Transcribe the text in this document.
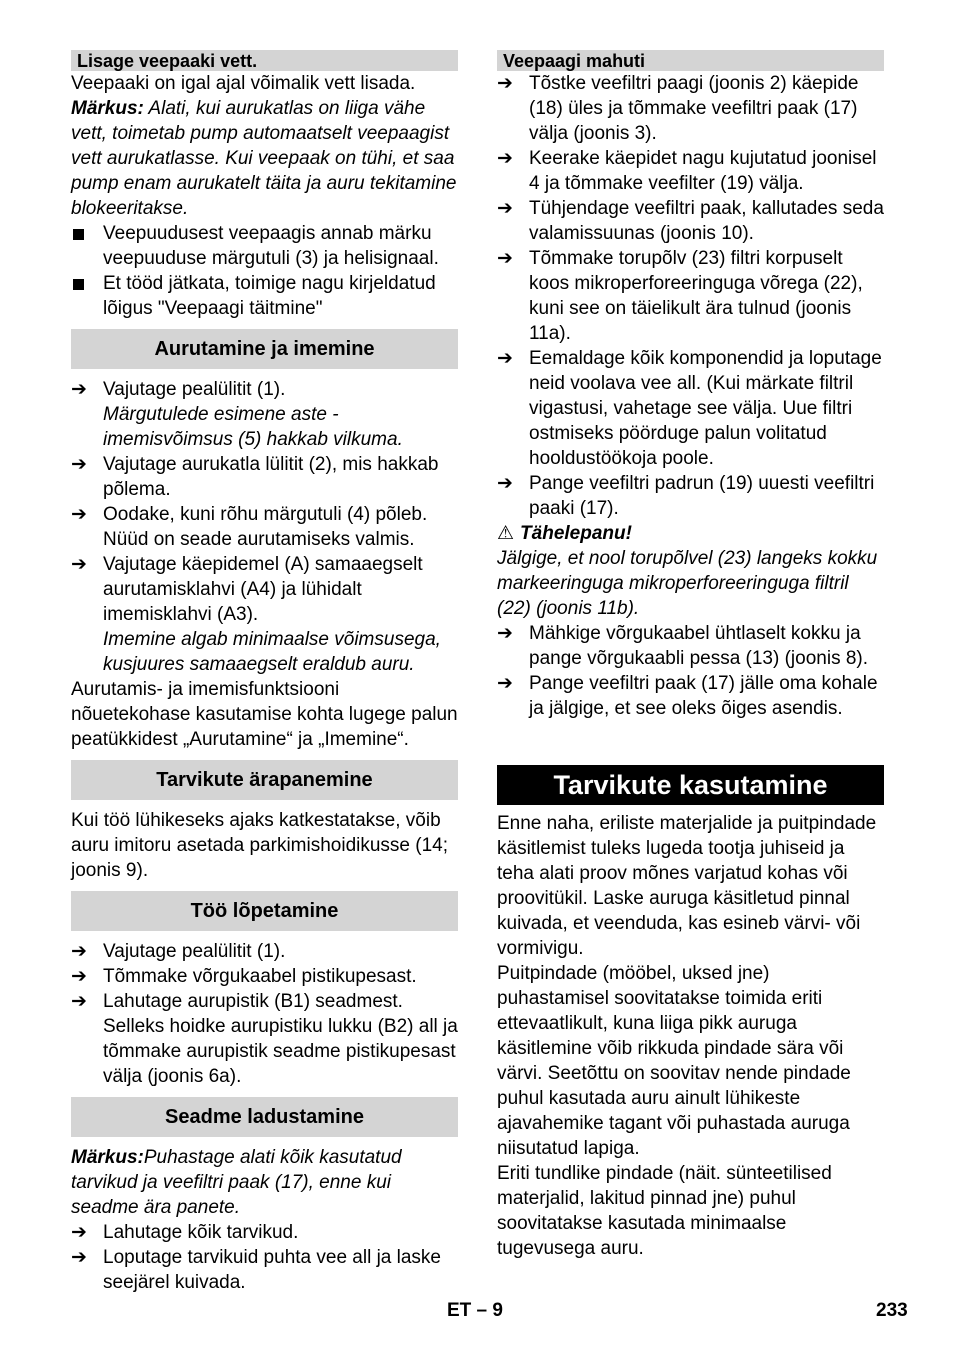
Lisage veepaaki vett.

Veepaaki on igal ajal võimalik vett lisada.

Märkus: Alati, kui aurukatlas on liiga vähe vett, toimetab pump automaatselt veepaagist vett aurukatlasse. Kui veepaak on tühi, et saa pump enam aurukatelt täita ja auru tekitamine blokeeritakse.

Veepuudusest veepaagis annab märku veepuuduse märgutuli (3) ja helisignaal.
Et tööd jätkata, toimige nagu kirjeldatud lõigus "Veepaagi täitmine"
Aurutamine ja imemine
➔ Vajutage pealülitit (1).

Märgutulede esimene aste - imemisvõimsus (5) hakkab vilkuma.

➔ Vajutage aurukatla lülitit (2), mis hakkab põlema.
➔ Oodake, kuni rõhu märgutuli (4) põleb. Nüüd on seade aurutamiseks valmis.
➔ Vajutage käepidemel (A) samaaegselt aurutamisklahvi (A4) ja lühidalt imemisklahvi (A3).

Imemine algab minimaalse võimsusega, kusjuures samaaegselt eraldub auru.

Aurutamis- ja imemisfunktsiooni nõuetekohase kasutamise kohta lugege palun peatükkidest „Aurutamine“ ja „Imemine“.

Tarvikute ärapanemine

Kui töö lühikeseks ajaks katkestatakse, võib auru imitoru asetada parkimishoidikusse (14; joonis 9).

Töö lõpetamine
➔ Vajutage pealülitit (1).
➔ Tõmmake võrgukaabel pistikupesast.
➔ Lahutage aurupistik (B1) seadmest. Selleks hoidke aurupistiku lukku (B2) all ja tõmmake aurupistik seadme pistikupesast välja (joonis 6a).
Seadme ladustamine

Märkus:Puhastage alati kõik kasutatud tarvikud ja veefiltri paak (17), enne kui seadme ära panete.

➔ Lahutage kõik tarvikud.
➔ Loputage tarvikuid puhta vee all ja laske seejärel kuivada.
Veepaagi mahuti
➔ Tõstke veefiltri paagi (joonis 2) käepide (18) üles ja tõmmake veefiltri paak (17) välja (joonis 3).
➔ Keerake käepidet nagu kujutatud joonisel 4 ja tõmmake veefilter (19) välja.
➔ Tühjendage veefiltri paak, kallutades seda valamissuunas (joonis 10).
➔ Tõmmake torupõlv (23) filtri korpuselt koos mikroperforeeringuga võrega (22), kuni see on täielikult ära tulnud (joonis 11a).
➔ Eemaldage kõik komponendid ja loputage neid voolava vee all. (Kui märkate filtril vigastusi, vahetage see välja. Uue filtri ostmiseks pöörduge palun volitatud hooldustöökoja poole.
➔ Pange veefiltri padrun (19) uuesti veefiltri paaki (17).

⚠ Tähelepanu!

Jälgige, et nool torupõlvel (23) langeks kokku markeeringuga mikroperforeeringuga filtril (22) (joonis 11b).

➔ Mähkige võrgukaabel ühtlaselt kokku ja pange võrgukaabli pessa (13) (joonis 8).
➔ Pange veefiltri paak (17) jälle oma kohale ja jälgige, et see oleks õiges asendis.
Tarvikute kasutamine

Enne naha, eriliste materjalide ja puitpindade käsitlemist tuleks lugeda tootja juhiseid ja teha alati proov mõnes varjatud kohas või proovitükil. Laske auruga käsitletud pinnal kuivada, et veenduda, kas esineb värvi- või vormivigu.

Puitpindade (mööbel, uksed jne) puhastamisel soovitatakse toimida eriti ettevaatlikult, kuna liiga pikk auruga käsitlemine võib rikkuda pindade sära või värvi. Seetõttu on soovitav nende pindade puhul kasutada auru ainult lühikeste ajavahemike tagant või puhastada auruga niisutatud lapiga.

Eriti tundlike pindade (näit. sünteetilised materjalid, lakitud pinnad jne) puhul soovitatakse kasutada minimaalse tugevusega auru.

ET – 9	233
